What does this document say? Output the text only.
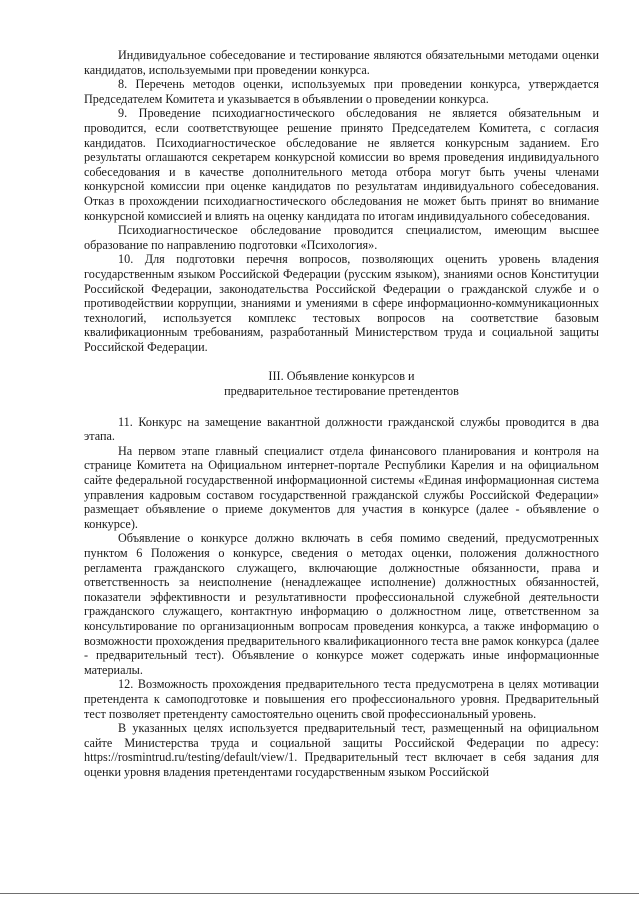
Индивидуальное собеседование и тестирование являются обязательными методами оценки кандидатов, используемыми при проведении конкурса.

8. Перечень методов оценки, используемых при проведении конкурса, утверждается Председателем Комитета и указывается в объявлении о проведении конкурса.

9. Проведение психодиагностического обследования не является обязательным и проводится, если соответствующее решение принято Председателем Комитета, с согласия кандидатов. Психодиагностическое обследование не является конкурсным заданием. Его результаты оглашаются секретарем конкурсной комиссии во время проведения индивидуального собеседования и в качестве дополнительного метода отбора могут быть учены членами конкурсной комиссии при оценке кандидатов по результатам индивидуального собеседования. Отказ в прохождении психодиагностического обследования не может быть принят во внимание конкурсной комиссией и влиять на оценку кандидата по итогам индивидуального собеседования.

Психодиагностическое обследование проводится специалистом, имеющим высшее образование по направлению подготовки «Психология».

10. Для подготовки перечня вопросов, позволяющих оценить уровень владения государственным языком Российской Федерации (русским языком), знаниями основ Конституции Российской Федерации, законодательства Российской Федерации о гражданской службе и о противодействии коррупции, знаниями и умениями в сфере информационно-коммуникационных технологий, используется комплекс тестовых вопросов на соответствие базовым квалификационным требованиям, разработанный Министерством труда и социальной защиты Российской Федерации.

III. Объявление конкурсов и
предварительное тестирование претендентов

11. Конкурс на замещение вакантной должности гражданской службы проводится в два этапа.

На первом этапе главный специалист отдела финансового планирования и контроля на странице Комитета на Официальном интернет-портале Республики Карелия и на официальном сайте федеральной государственной информационной системы «Единая информационная система управления кадровым составом государственной гражданской службы Российской Федерации» размещает объявление о приеме документов для участия в конкурсе (далее - объявление о конкурсе).

Объявление о конкурсе должно включать в себя помимо сведений, предусмотренных пунктом 6 Положения о конкурсе, сведения о методах оценки, положения должностного регламента гражданского служащего, включающие должностные обязанности, права и ответственность за неисполнение (ненадлежащее исполнение) должностных обязанностей, показатели эффективности и результативности профессиональной служебной деятельности гражданского служащего, контактную информацию о должностном лице, ответственном за консультирование по организационным вопросам проведения конкурса, а также информацию о возможности прохождения предварительного квалификационного теста вне рамок конкурса (далее - предварительный тест). Объявление о конкурсе может содержать иные информационные материалы.

12. Возможность прохождения предварительного теста предусмотрена в целях мотивации претендента к самоподготовке и повышения его профессионального уровня. Предварительный тест позволяет претенденту самостоятельно оценить свой профессиональный уровень.

В указанных целях используется предварительный тест, размещенный на официальном сайте Министерства труда и социальной защиты Российской Федерации по адресу: https://rosmintrud.ru/testing/default/view/1. Предварительный тест включает в себя задания для оценки уровня владения претендентами государственным языком Российской
